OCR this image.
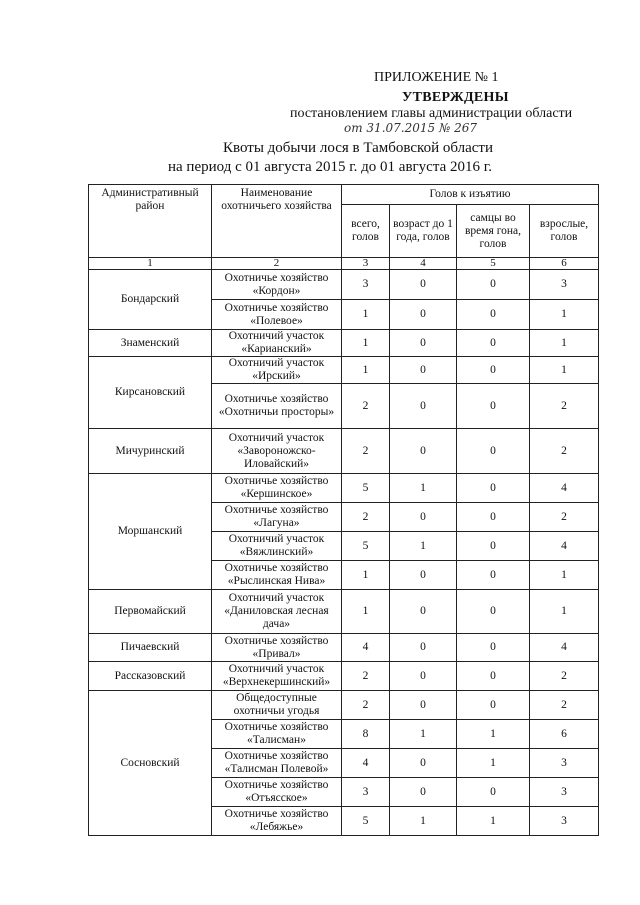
ПРИЛОЖЕНИЕ № 1
УТВЕРЖДЕНЫ
постановлением главы администрации области
от 31.07.2015 № 267
Квоты добычи лося в Тамбовской области
на период с 01 августа 2015 г. до 01 августа 2016 г.
Административный район	Наименование охотничьего хозяйства	Голов к изъятию			
		всего, голов	возраст до 1 года, голов	самцы во время гона, голов	взрослые, голов
1	2	3	4	5	6
Бондарский	Охотничье хозяйство «Кордон»	3	0	0	3
	Охотничье хозяйство «Полевое»	1	0	0	1
Знаменский	Охотничий участок «Карианский»	1	0	0	1
Кирсановский	Охотничий участок «Ирский»	1	0	0	1
	Охотничье хозяйство «Охотничьи просторы»	2	0	0	2
Мичуринский	Охотничий участок «Завороножско-Иловайский»	2	0	0	2
Моршанский	Охотничье хозяйство «Кершинское»	5	1	0	4
	Охотничье хозяйство «Лагуна»	2	0	0	2
	Охотничий участок «Вяжлинский»	5	1	0	4
	Охотничье хозяйство «Рыслинская Нива»	1	0	0	1
Первомайский	Охотничий участок «Даниловская лесная дача»	1	0	0	1
Пичаевский	Охотничье хозяйство «Привал»	4	0	0	4
Рассказовский	Охотничий участок «Верхнекершинский»	2	0	0	2
Сосновский	Общедоступные охотничьи угодья	2	0	0	2
	Охотничье хозяйство «Талисман»	8	1	1	6
	Охотничье хозяйство «Талисман Полевой»	4	0	1	3
	Охотничье хозяйство «Отъясское»	3	0	0	3
	Охотничье хозяйство «Лебяжье»	5	1	1	3
